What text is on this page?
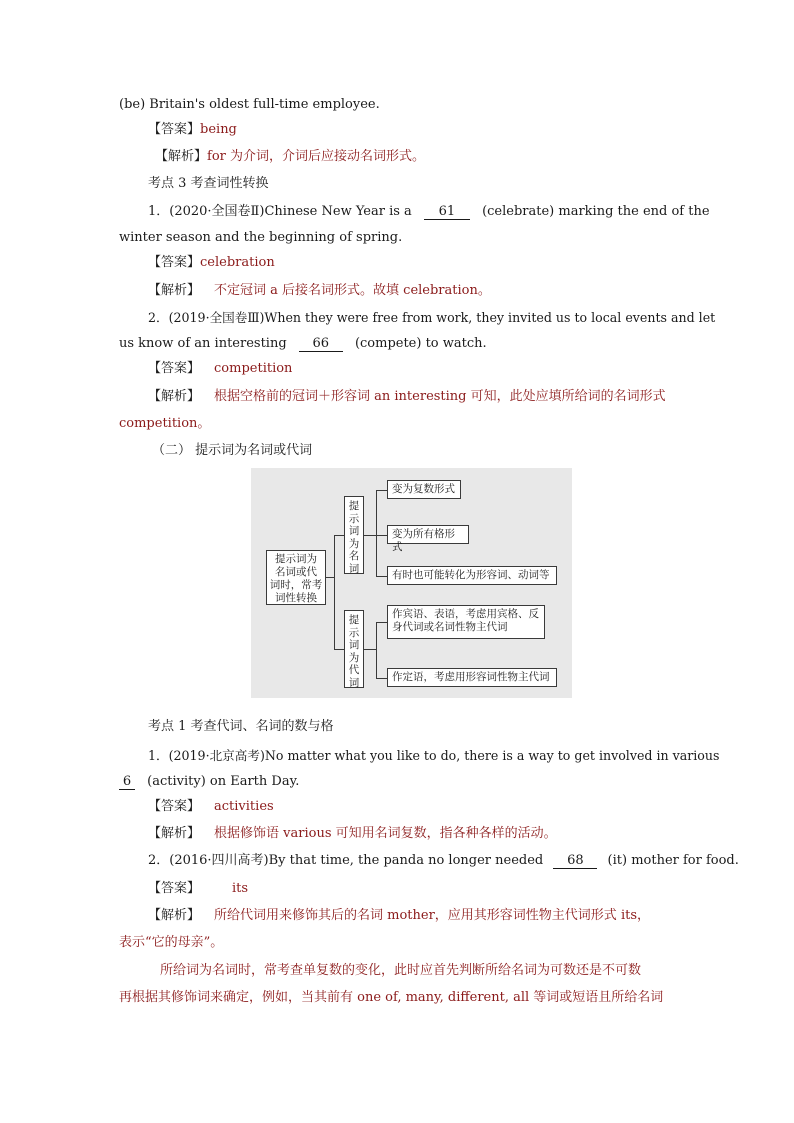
(be) Britain's oldest full-time employee.
【答案】being
【解析】for 为介词，介词后应接动名词形式。
考点 3 考查词性转换
1．(2020·全国卷Ⅱ)Chinese New Year is a 61 (celebrate) marking the end of the
winter season and the beginning of spring.
【答案】celebration
【解析】 不定冠词 a 后接名词形式。故填 celebration。
2．(2019·全国卷Ⅲ)When they were free from work, they invited us to local events and let
us know of an interesting 66 (compete) to watch.
【答案】 competition
【解析】 根据空格前的冠词＋形容词 an interesting 可知，此处应填所给词的名词形式
competition。
（二） 提示词为名词或代词
提示词为
名词或代
词时，常考
词性转换
提
示
词
为
名
词
提
示
词
为
代
词
变为复数形式
变为所有格形式
有时也可能转化为形容词、动词等
作宾语、表语，考虑用宾格、反
身代词或名词性物主代词
作定语，考虑用形容词性物主代词
考点 1 考查代词、名词的数与格
1．(2019·北京高考)No matter what you like to do, there is a way to get involved in various
6 (activity) on Earth Day.
【答案】 activities
【解析】 根据修饰语 various 可知用名词复数，指各种各样的活动。
2．(2016·四川高考)By that time, the panda no longer needed 68 (it) mother for food.
【答案】 its
【解析】 所给代词用来修饰其后的名词 mother，应用其形容词性物主代词形式 its，
表示“它的母亲”。
所给词为名词时，常考查单复数的变化，此时应首先判断所给名词为可数还是不可数
再根据其修饰词来确定，例如，当其前有 one of, many, different, all 等词或短语且所给名词
